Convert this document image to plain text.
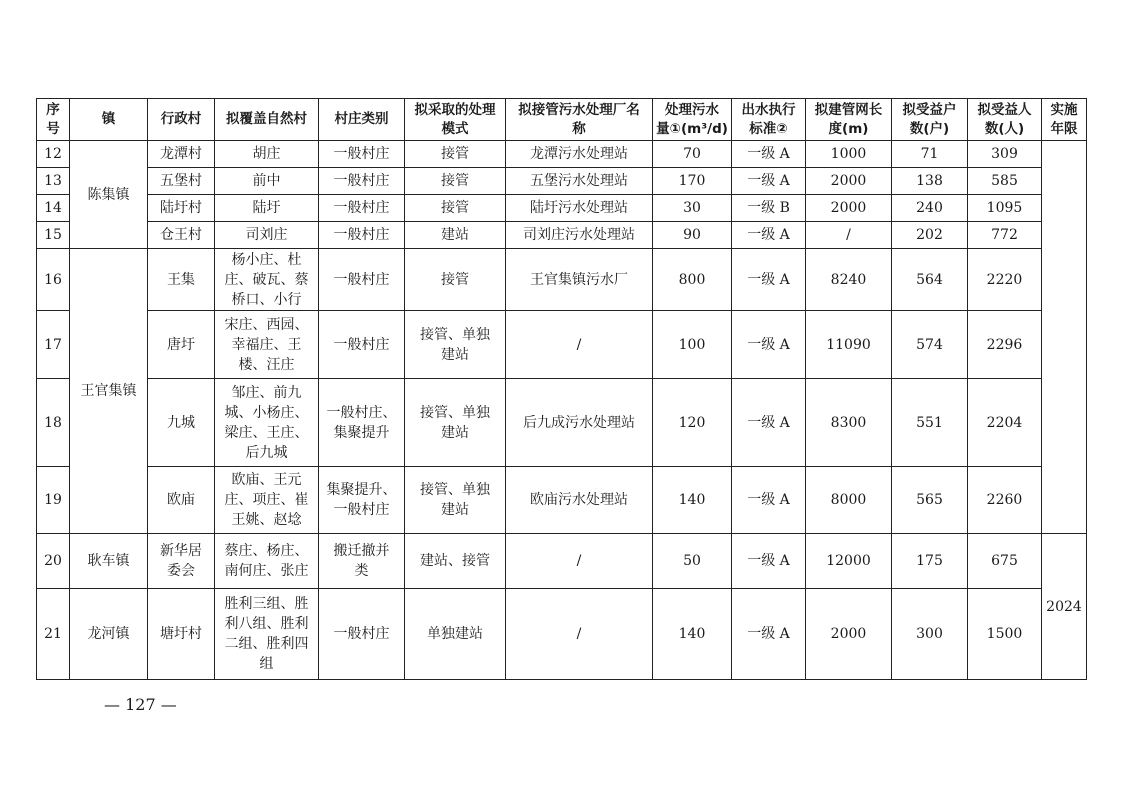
序
号	镇	行政村	拟覆盖自然村	村庄类别	拟采取的处理
模式	拟接管污水处理厂名
称	处理污水
量①(m³/d)	出水执行
标准②	拟建管网长
度(m)	拟受益户
数(户)	拟受益人
数(人)	实施
年限
12	陈集镇	龙潭村	胡庄	一般村庄	接管	龙潭污水处理站	70	一级 A	1000	71	309	
13		五堡村	前中	一般村庄	接管	五堡污水处理站	170	一级 A	2000	138	585	
14		陆圩村	陆圩	一般村庄	接管	陆圩污水处理站	30	一级 B	2000	240	1095	
15		仓王村	司刘庄	一般村庄	建站	司刘庄污水处理站	90	一级 A	/	202	772	
16	王官集镇	王集	杨小庄、杜
庄、破瓦、蔡
桥口、小行	一般村庄	接管	王官集镇污水厂	800	一级 A	8240	564	2220	
17		唐圩	宋庄、西园、
幸福庄、王
楼、汪庄	一般村庄	接管、单独
建站	/	100	一级 A	11090	574	2296	
18		九城	邹庄、前九
城、小杨庄、
梁庄、王庄、
后九城	一般村庄、
集聚提升	接管、单独
建站	后九成污水处理站	120	一级 A	8300	551	2204	
19		欧庙	欧庙、王元
庄、项庄、崔
王姚、赵埝	集聚提升、
一般村庄	接管、单独
建站	欧庙污水处理站	140	一级 A	8000	565	2260	
20	耿车镇	新华居
委会	蔡庄、杨庄、
南何庄、张庄	搬迁撤并
类	建站、接管	/	50	一级 A	12000	175	675	2024
21	龙河镇	塘圩村	胜利三组、胜
利八组、胜利
二组、胜利四
组	一般村庄	单独建站	/	140	一级 A	2000	300	1500	
— 127 —
